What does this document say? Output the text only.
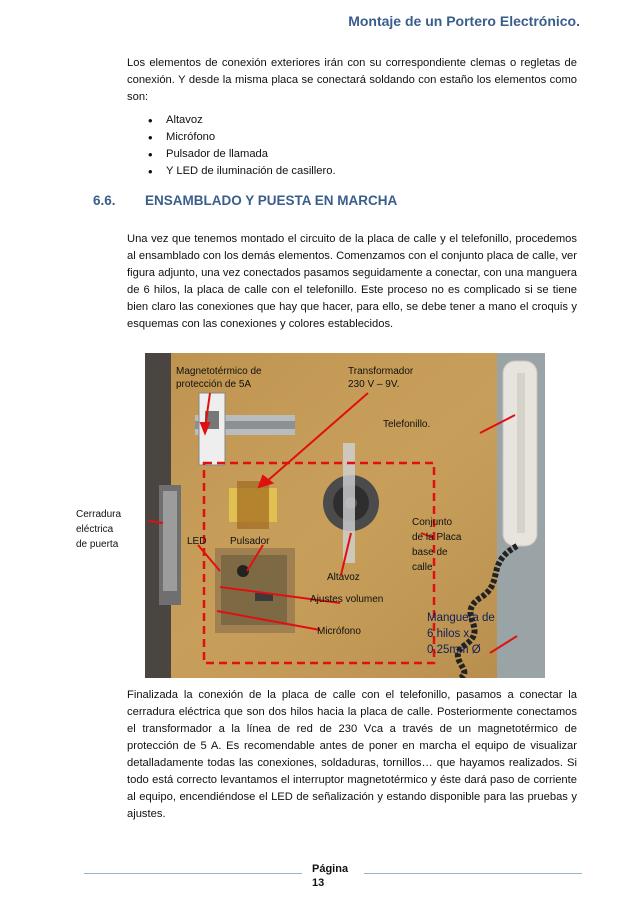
Montaje de un Portero Electrónico.

Los elementos de conexión exteriores irán con su correspondiente clemas o regletas de conexión. Y desde la misma placa se conectará soldando con estaño los elementos como son:

• Altavoz
• Micrófono
• Pulsador de llamada
• Y LED de iluminación de casillero.
6.6. ENSAMBLADO Y PUESTA EN MARCHA

Una vez que tenemos montado el circuito de la placa de calle y el telefonillo, procedemos al ensamblado con los demás elementos. Comenzamos con el conjunto placa de calle, ver figura adjunto, una vez conectados pasamos seguidamente a conectar, con una manguera de 6 hilos, la placa de calle con el telefonillo. Este proceso no es complicado si se tiene bien claro las conexiones que hay que hacer, para ello, se debe tener a mano el croquis y esquemas con las conexiones y colores establecidos.

Magnetotérmico de
protección de 5A
Transformador
230 V – 9V.
Telefonillo.
LED Pulsador
Conjunto
de la Placa
base de
calle
Altavoz
Ajustes volumen
Micrófono
Manguera de
6 hilos x
0.25mm Ø
Cerradura
eléctrica
de puerta

Finalizada la conexión de la placa de calle con el telefonillo, pasamos a conectar la cerradura eléctrica que son dos hilos hacia la placa de calle. Posteriormente conectamos el transformador a la línea de red de 230 Vca a través de un magnetotérmico de protección de 5 A. Es recomendable antes de poner en marcha el equipo de visualizar detalladamente todas las conexiones, soldaduras, tornillos… que hayamos realizados. Si todo está correcto levantamos el interruptor magnetotérmico y éste dará paso de corriente al equipo, encendiéndose el LED de señalización y estando disponible para las pruebas y ajustes.

Página
13
